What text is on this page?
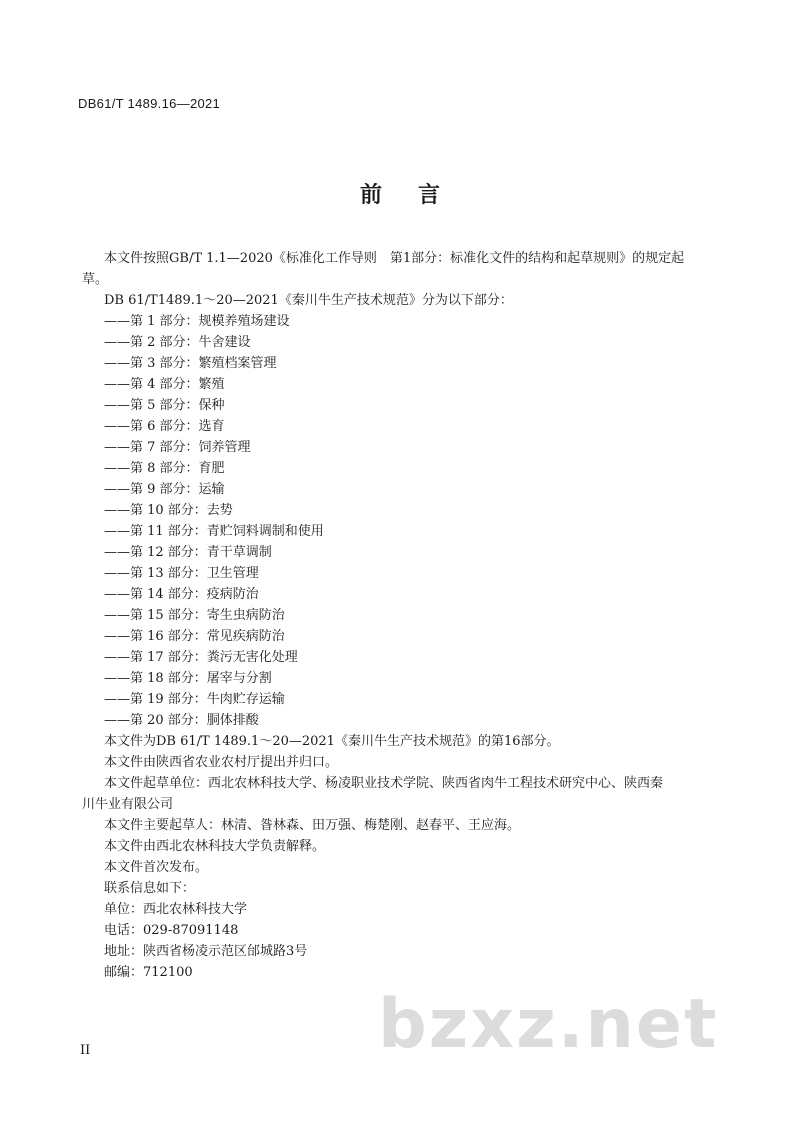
DB61/T 1489.16—2021
前 言

本文件按照GB/T 1.1—2020《标准化工作导则　第1部分：标准化文件的结构和起草规则》的规定起

草。

DB 61/T1489.1～20—2021《秦川牛生产技术规范》分为以下部分：

——第 1 部分：规模养殖场建设

——第 2 部分：牛舍建设

——第 3 部分：繁殖档案管理

——第 4 部分：繁殖

——第 5 部分：保种

——第 6 部分：选育

——第 7 部分：饲养管理

——第 8 部分：育肥

——第 9 部分：运输

——第 10 部分：去势

——第 11 部分：青贮饲料调制和使用

——第 12 部分：青干草调制

——第 13 部分：卫生管理

——第 14 部分：疫病防治

——第 15 部分：寄生虫病防治

——第 16 部分：常见疾病防治

——第 17 部分：粪污无害化处理

——第 18 部分：屠宰与分割

——第 19 部分：牛肉贮存运输

——第 20 部分：胴体排酸

本文件为DB 61/T 1489.1～20—2021《秦川牛生产技术规范》的第16部分。

本文件由陕西省农业农村厅提出并归口。

本文件起草单位：西北农林科技大学、杨凌职业技术学院、陕西省肉牛工程技术研究中心、陕西秦

川牛业有限公司

本文件主要起草人：林清、昝林森、田万强、梅楚刚、赵春平、王应海。

本文件由西北农林科技大学负责解释。

本文件首次发布。

联系信息如下：

单位：西北农林科技大学

电话：029-87091148

地址：陕西省杨凌示范区邰城路3号

邮编：712100

bzxz.net
II
